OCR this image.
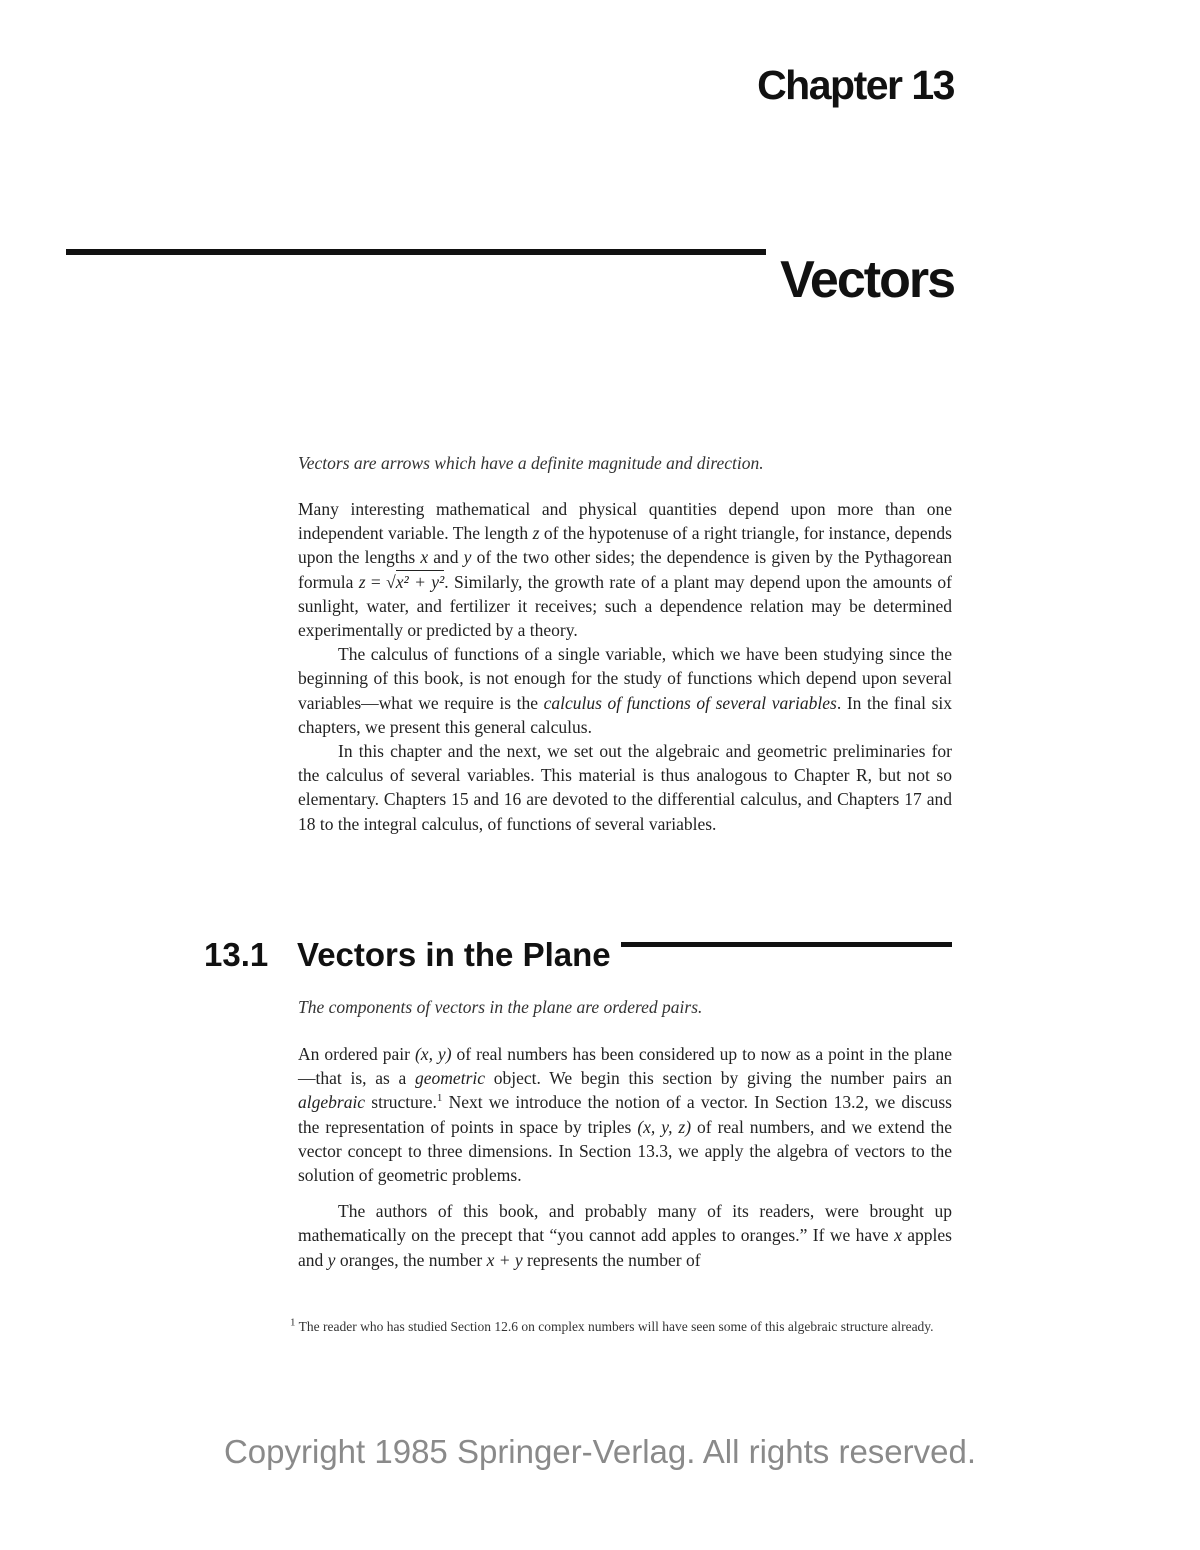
Chapter 13
Vectors

Vectors are arrows which have a definite magnitude and direction.

Many interesting mathematical and physical quantities depend upon more than one independent variable. The length z of the hypotenuse of a right triangle, for instance, depends upon the lengths x and y of the two other sides; the dependence is given by the Pythagorean formula z = √x² + y². Similarly, the growth rate of a plant may depend upon the amounts of sunlight, water, and fertilizer it receives; such a dependence relation may be determined experimentally or predicted by a theory.

The calculus of functions of a single variable, which we have been studying since the beginning of this book, is not enough for the study of functions which depend upon several variables—what we require is the calculus of functions of several variables. In the final six chapters, we present this general calculus.

In this chapter and the next, we set out the algebraic and geometric preliminaries for the calculus of several variables. This material is thus analogous to Chapter R, but not so elementary. Chapters 15 and 16 are devoted to the differential calculus, and Chapters 17 and 18 to the integral calculus, of functions of several variables.

13.1 Vectors in the Plane

The components of vectors in the plane are ordered pairs.

An ordered pair (x, y) of real numbers has been considered up to now as a point in the plane—that is, as a geometric object. We begin this section by giving the number pairs an algebraic structure.$^1$ Next we introduce the notion of a vector. In Section 13.2, we discuss the representation of points in space by triples (x, y, z) of real numbers, and we extend the vector concept to three dimensions. In Section 13.3, we apply the algebra of vectors to the solution of geometric problems.

The authors of this book, and probably many of its readers, were brought up mathematically on the precept that “you cannot add apples to oranges.” If we have x apples and y oranges, the number x + y represents the number of

$^1$ The reader who has studied Section 12.6 on complex numbers will have seen some of this algebraic structure already.
Copyright 1985 Springer-Verlag. All rights reserved.
